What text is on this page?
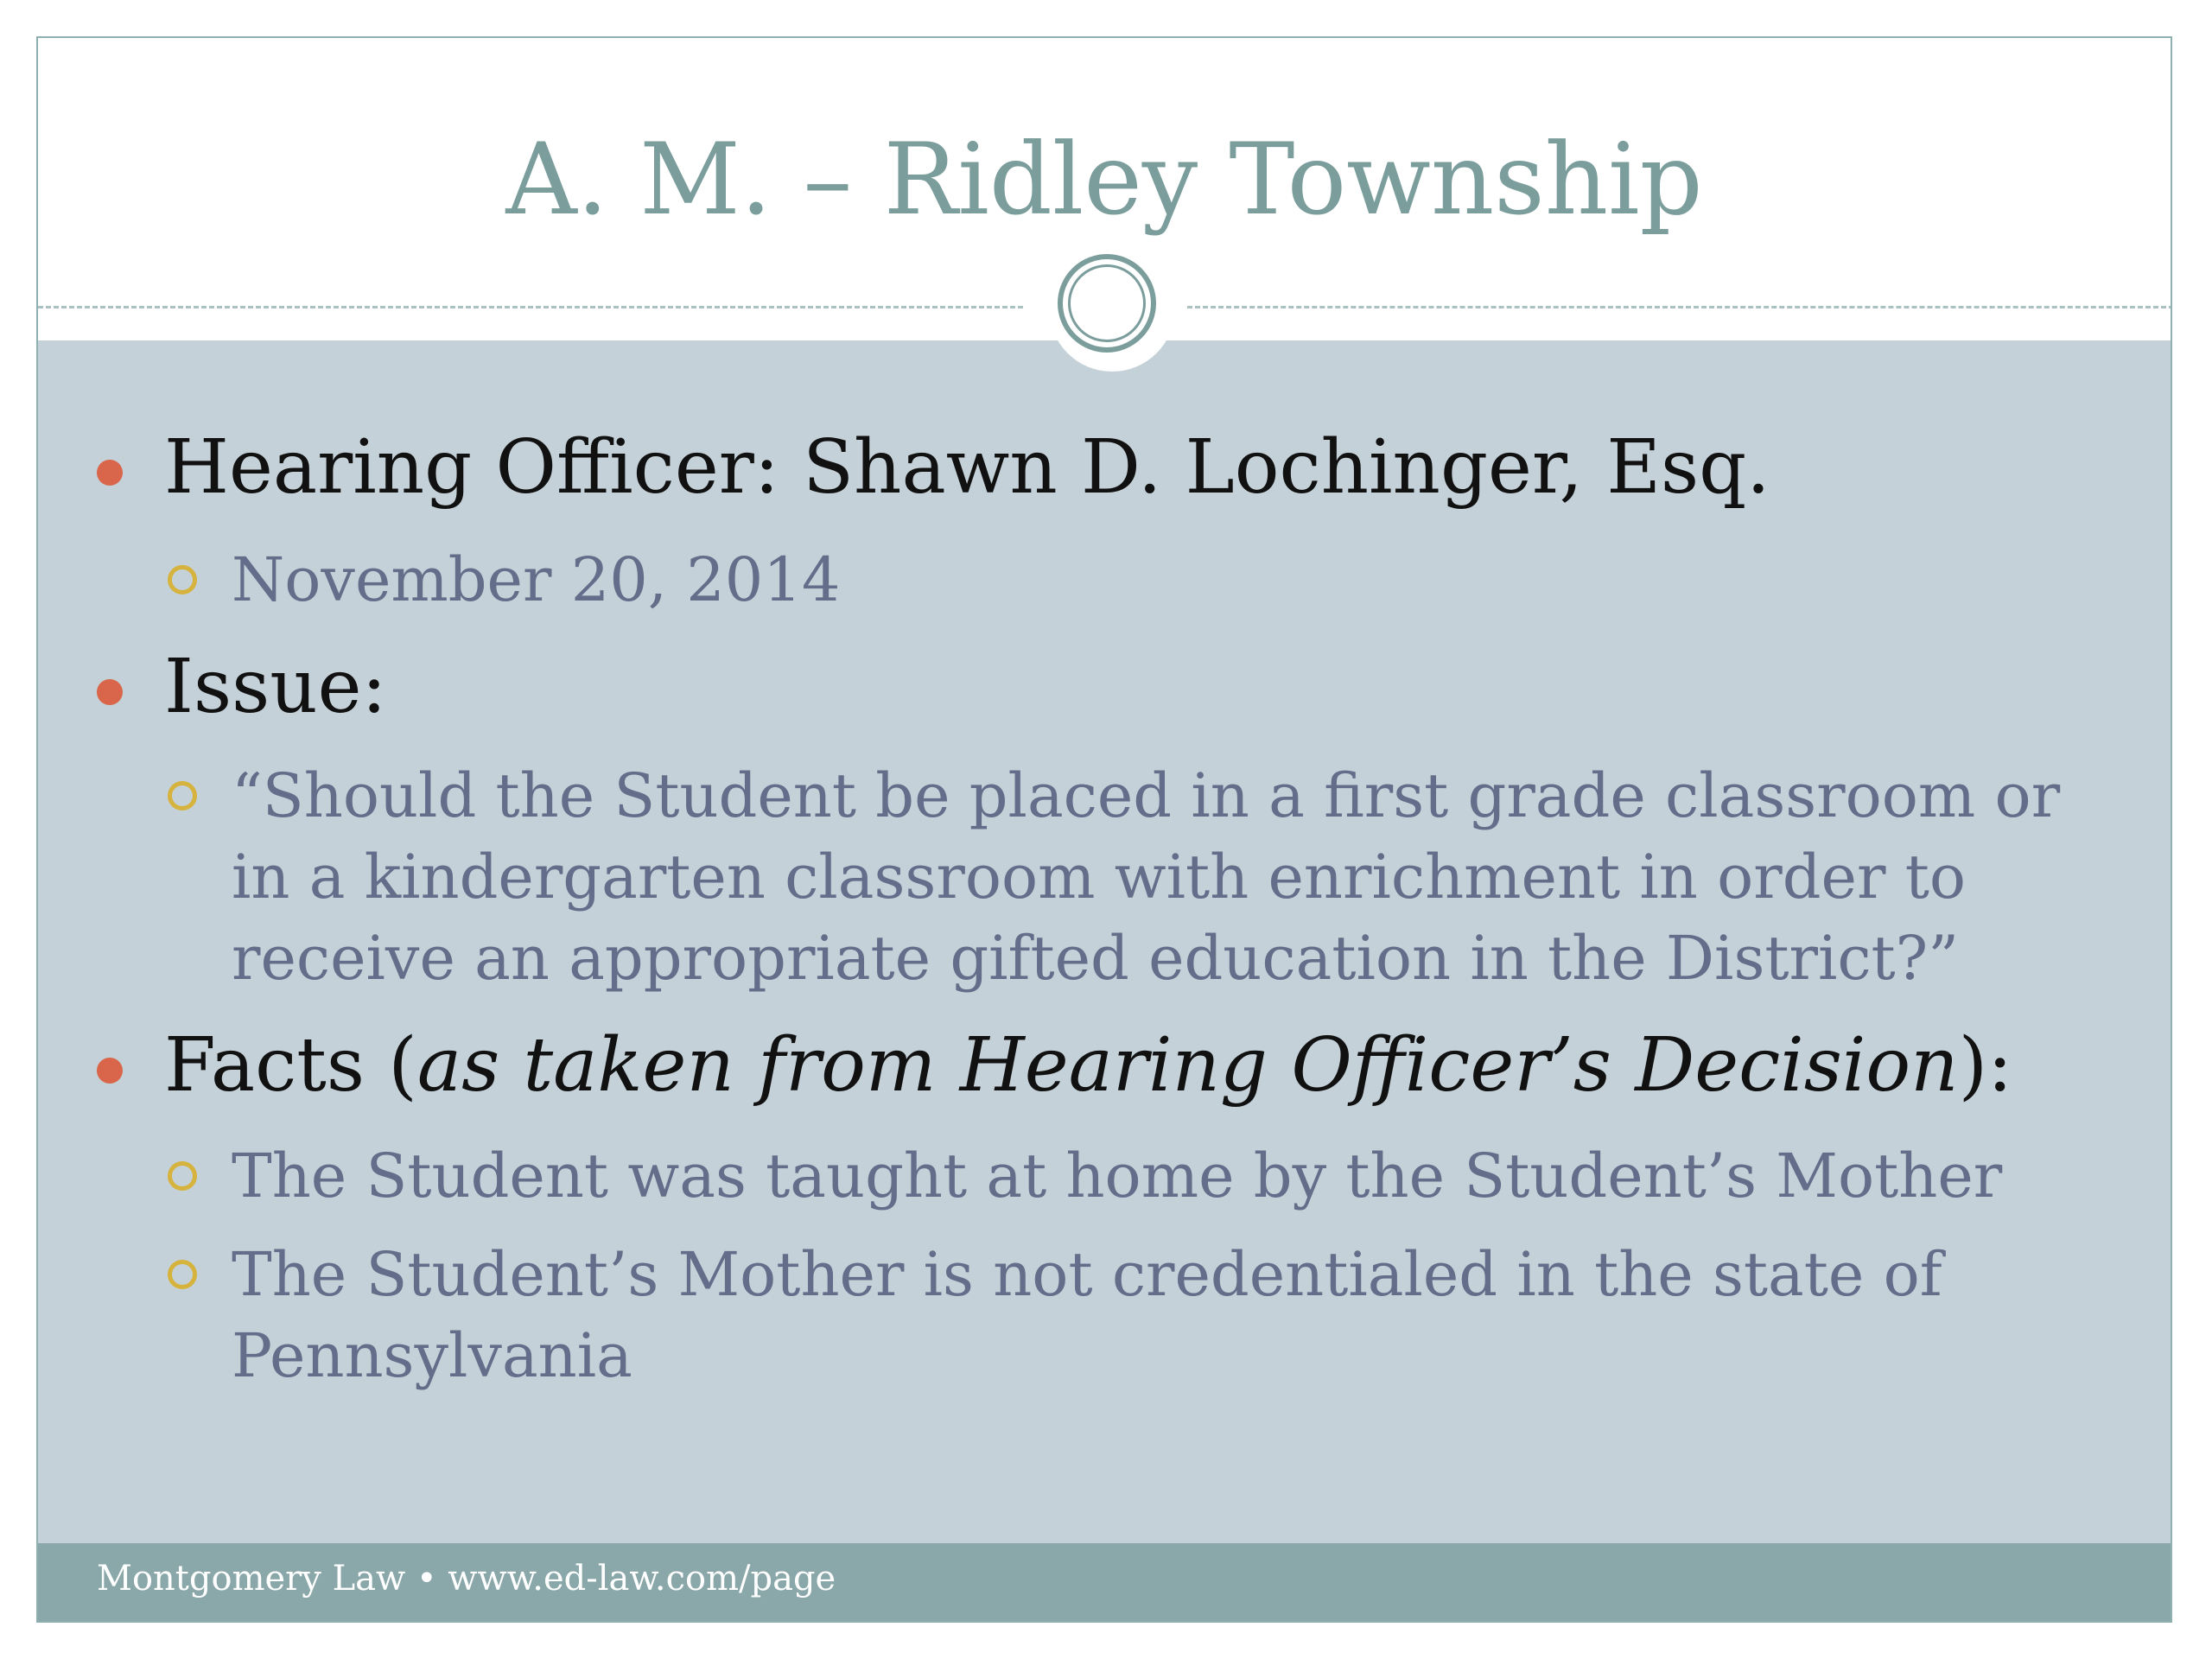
A. M. – Ridley Township
Hearing Officer: Shawn D. Lochinger, Esq.
November 20, 2014
Issue:
“Should the Student be placed in a first grade classroom or in a kindergarten classroom with enrichment in order to receive an appropriate gifted education in the District?”
Facts (as taken from Hearing Officer’s Decision):
The Student was taught at home by the Student’s Mother
The Student’s Mother is not credentialed in the state of Pennsylvania
Montgomery Law • www.ed-law.com/page
